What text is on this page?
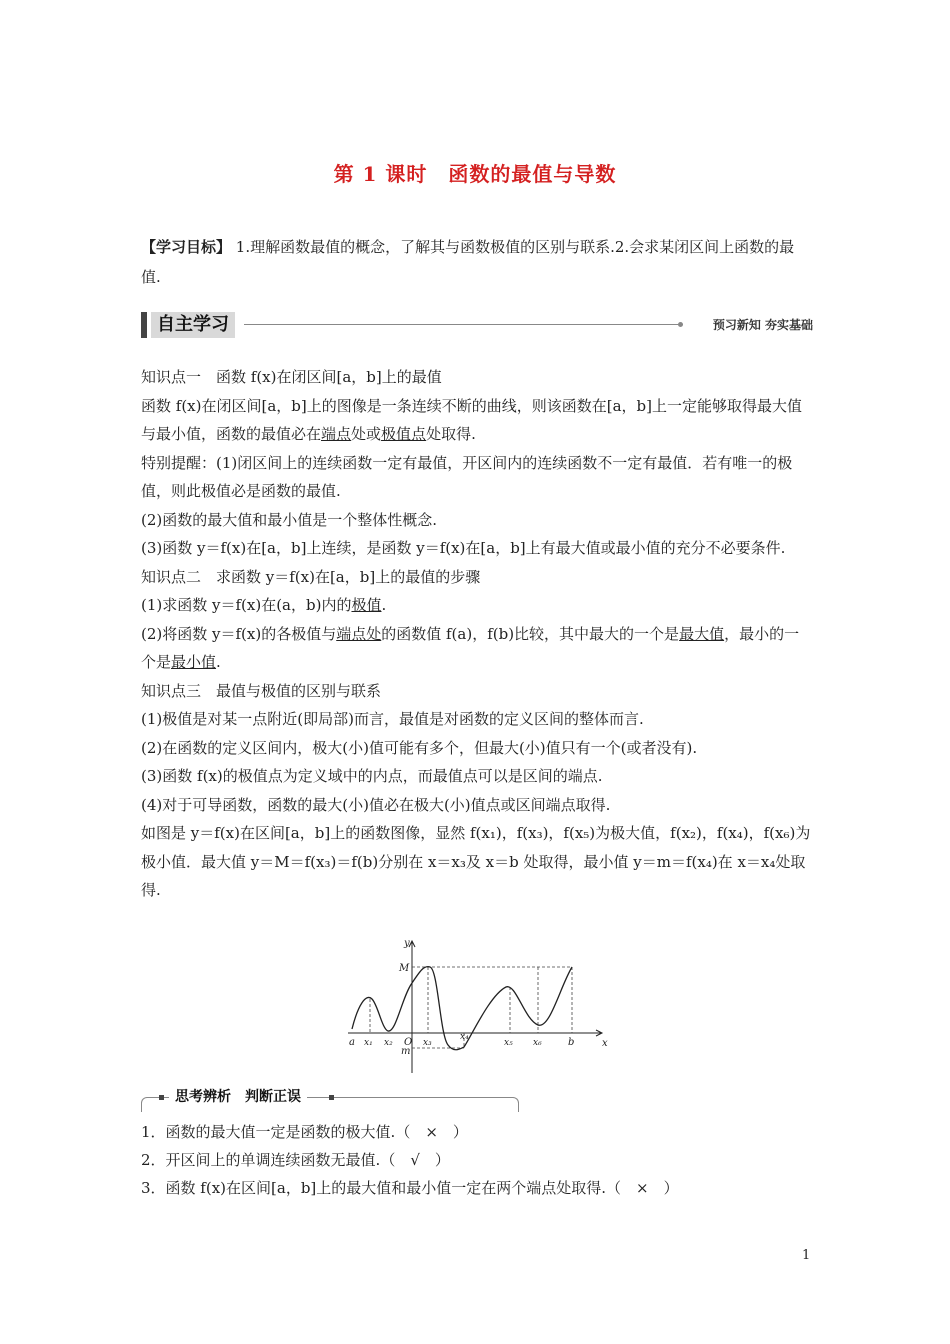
第 1 课时　函数的最值与导数
【学习目标】 1.理解函数最值的概念，了解其与函数极值的区别与联系.2.会求某闭区间上函数的最值.
自主学习	预习新知 夯实基础

知识点一　函数 f(x)在闭区间[a，b]上的最值

函数 f(x)在闭区间[a，b]上的图像是一条连续不断的曲线，则该函数在[a，b]上一定能够取得最大值与最小值，函数的最值必在端点处或极值点处取得.

特别提醒：(1)闭区间上的连续函数一定有最值，开区间内的连续函数不一定有最值．若有唯一的极值，则此极值必是函数的最值.

(2)函数的最大值和最小值是一个整体性概念.

(3)函数 y＝f(x)在[a，b]上连续，是函数 y＝f(x)在[a，b]上有最大值或最小值的充分不必要条件.

知识点二　求函数 y＝f(x)在[a，b]上的最值的步骤

(1)求函数 y＝f(x)在(a，b)内的极值.

(2)将函数 y＝f(x)的各极值与端点处的函数值 f(a)，f(b)比较，其中最大的一个是最大值，最小的一个是最小值.

知识点三　最值与极值的区别与联系

(1)极值是对某一点附近(即局部)而言，最值是对函数的定义区间的整体而言.

(2)在函数的定义区间内，极大(小)值可能有多个，但最大(小)值只有一个(或者没有).

(3)函数 f(x)的极值点为定义域中的内点，而最值点可以是区间的端点.

(4)对于可导函数，函数的最大(小)值必在极大(小)值点或区间端点取得.

如图是 y＝f(x)在区间[a，b]上的函数图像，显然 f(x₁)，f(x₃)，f(x₅)为极大值，f(x₂)，f(x₄)，f(x₆)为极小值．最大值 y＝M＝f(x₃)＝f(b)分别在 x＝x₃及 x＝b 处取得，最小值 y＝m＝f(x₄)在 x＝x₄处取得.

y
x
M
m
O
a	b
x₁ x₂	x₃
x₄
x₅ x₆
思考辨析　判断正误

1．函数的最大值一定是函数的极大值.（　×　）

2．开区间上的单调连续函数无最值.（　√　）

3．函数 f(x)在区间[a，b]上的最大值和最小值一定在两个端点处取得.（　×　）

1
